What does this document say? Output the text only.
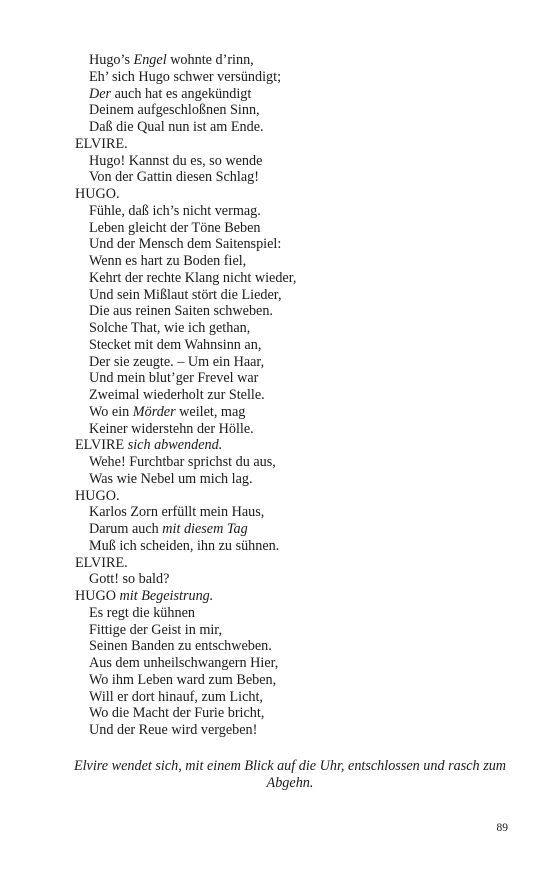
Hugo’s Engel wohnte d’rinn,
Eh’ sich Hugo schwer versündigt;
Der auch hat es angekündigt
Deinem aufgeschloßnen Sinn,
Daß die Qual nun ist am Ende.
ELVIRE.
Hugo! Kannst du es, so wende
Von der Gattin diesen Schlag!
HUGO.
Fühle, daß ich’s nicht vermag.
Leben gleicht der Töne Beben
Und der Mensch dem Saitenspiel:
Wenn es hart zu Boden fiel,
Kehrt der rechte Klang nicht wieder,
Und sein Mißlaut stört die Lieder,
Die aus reinen Saiten schweben.
Solche That, wie ich gethan,
Stecket mit dem Wahnsinn an,
Der sie zeugte. – Um ein Haar,
Und mein blut’ger Frevel war
Zweimal wiederholt zur Stelle.
Wo ein Mörder weilet, mag
Keiner widerstehn der Hölle.
ELVIRE sich abwendend.
Wehe! Furchtbar sprichst du aus,
Was wie Nebel um mich lag.
HUGO.
Karlos Zorn erfüllt mein Haus,
Darum auch mit diesem Tag
Muß ich scheiden, ihn zu sühnen.
ELVIRE.
Gott! so bald?
HUGO mit Begeistrung.
Es regt die kühnen
Fittige der Geist in mir,
Seinen Banden zu entschweben.
Aus dem unheilschwangern Hier,
Wo ihm Leben ward zum Beben,
Will er dort hinauf, zum Licht,
Wo die Macht der Furie bricht,
Und der Reue wird vergeben!
Elvire wendet sich, mit einem Blick auf die Uhr, entschlossen und rasch zum Abgehn.
89
